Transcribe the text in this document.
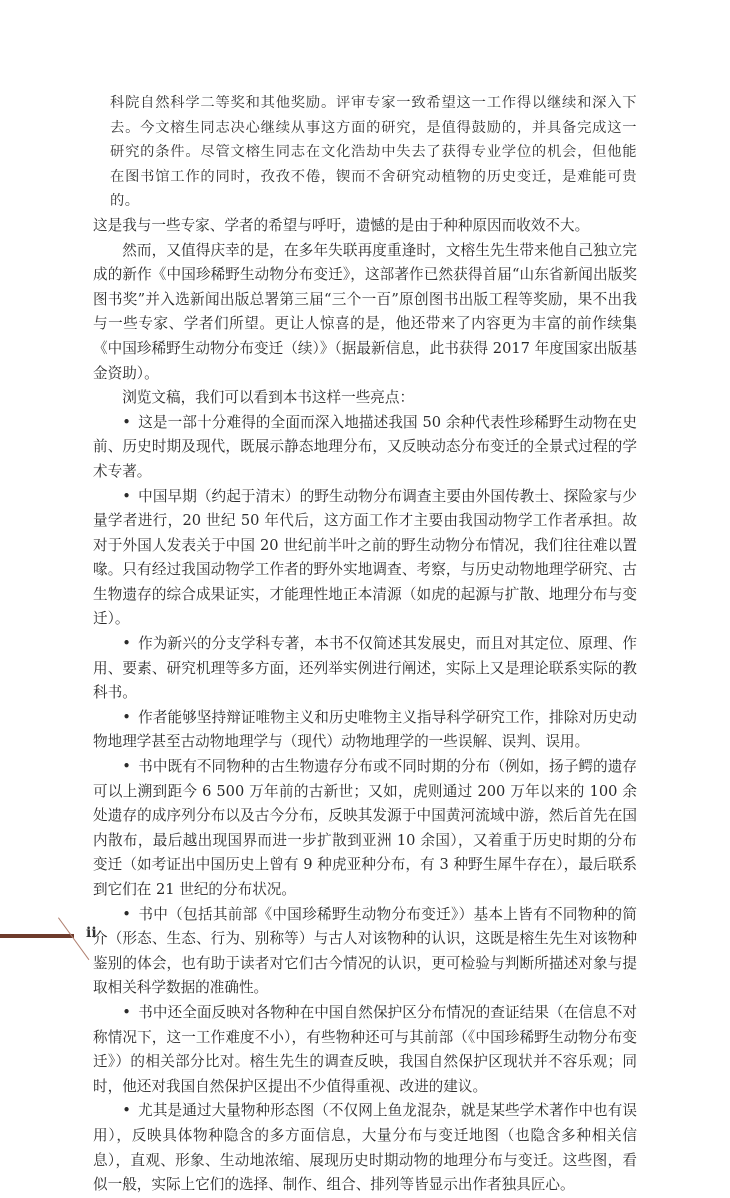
科院自然科学二等奖和其他奖励。评审专家一致希望这一工作得以继续和深入下去。今文榕生同志决心继续从事这方面的研究，是值得鼓励的，并具备完成这一研究的条件。尽管文榕生同志在文化浩劫中失去了获得专业学位的机会，但他能在图书馆工作的同时，孜孜不倦，锲而不舍研究动植物的历史变迁，是难能可贵的。

这是我与一些专家、学者的希望与呼吁，遗憾的是由于种种原因而收效不大。

然而，又值得庆幸的是，在多年失联再度重逢时，文榕生先生带来他自己独立完成的新作《中国珍稀野生动物分布变迁》，这部著作已然获得首届“山东省新闻出版奖图书奖”并入选新闻出版总署第三届“三个一百”原创图书出版工程等奖励，果不出我与一些专家、学者们所望。更让人惊喜的是，他还带来了内容更为丰富的前作续集《中国珍稀野生动物分布变迁（续）》（据最新信息，此书获得 2017 年度国家出版基金资助）。

浏览文稿，我们可以看到本书这样一些亮点：

• 这是一部十分难得的全面而深入地描述我国 50 余种代表性珍稀野生动物在史前、历史时期及现代，既展示静态地理分布，又反映动态分布变迁的全景式过程的学术专著。

• 中国早期（约起于清末）的野生动物分布调查主要由外国传教士、探险家与少量学者进行，20 世纪 50 年代后，这方面工作才主要由我国动物学工作者承担。故对于外国人发表关于中国 20 世纪前半叶之前的野生动物分布情况，我们往往难以置喙。只有经过我国动物学工作者的野外实地调查、考察，与历史动物地理学研究、古生物遗存的综合成果证实，才能理性地正本清源（如虎的起源与扩散、地理分布与变迁）。

• 作为新兴的分支学科专著，本书不仅简述其发展史，而且对其定位、原理、作用、要素、研究机理等多方面，还列举实例进行阐述，实际上又是理论联系实际的教科书。

• 作者能够坚持辩证唯物主义和历史唯物主义指导科学研究工作，排除对历史动物地理学甚至古动物地理学与（现代）动物地理学的一些误解、误判、误用。

• 书中既有不同物种的古生物遗存分布或不同时期的分布（例如，扬子鳄的遗存可以上溯到距今 6 500 万年前的古新世；又如，虎则通过 200 万年以来的 100 余处遗存的成序列分布以及古今分布，反映其发源于中国黄河流域中游，然后首先在国内散布，最后越出现国界而进一步扩散到亚洲 10 余国），又着重于历史时期的分布变迁（如考证出中国历史上曾有 9 种虎亚种分布，有 3 种野生犀牛存在），最后联系到它们在 21 世纪的分布状况。

• 书中（包括其前部《中国珍稀野生动物分布变迁》）基本上皆有不同物种的简介（形态、生态、行为、别称等）与古人对该物种的认识，这既是榕生先生对该物种鉴别的体会，也有助于读者对它们古今情况的认识，更可检验与判断所描述对象与提取相关科学数据的准确性。

• 书中还全面反映对各物种在中国自然保护区分布情况的查证结果（在信息不对称情况下，这一工作难度不小），有些物种还可与其前部（《中国珍稀野生动物分布变迁》）的相关部分比对。榕生先生的调查反映，我国自然保护区现状并不容乐观；同时，他还对我国自然保护区提出不少值得重视、改进的建议。

• 尤其是通过大量物种形态图（不仅网上鱼龙混杂，就是某些学术著作中也有误用），反映具体物种隐含的多方面信息，大量分布与变迁地图（也隐含多种相关信息），直观、形象、生动地浓缩、展现历史时期动物的地理分布与变迁。这些图，看似一般，实际上它们的选择、制作、组合、排列等皆显示出作者独具匠心。

ii
